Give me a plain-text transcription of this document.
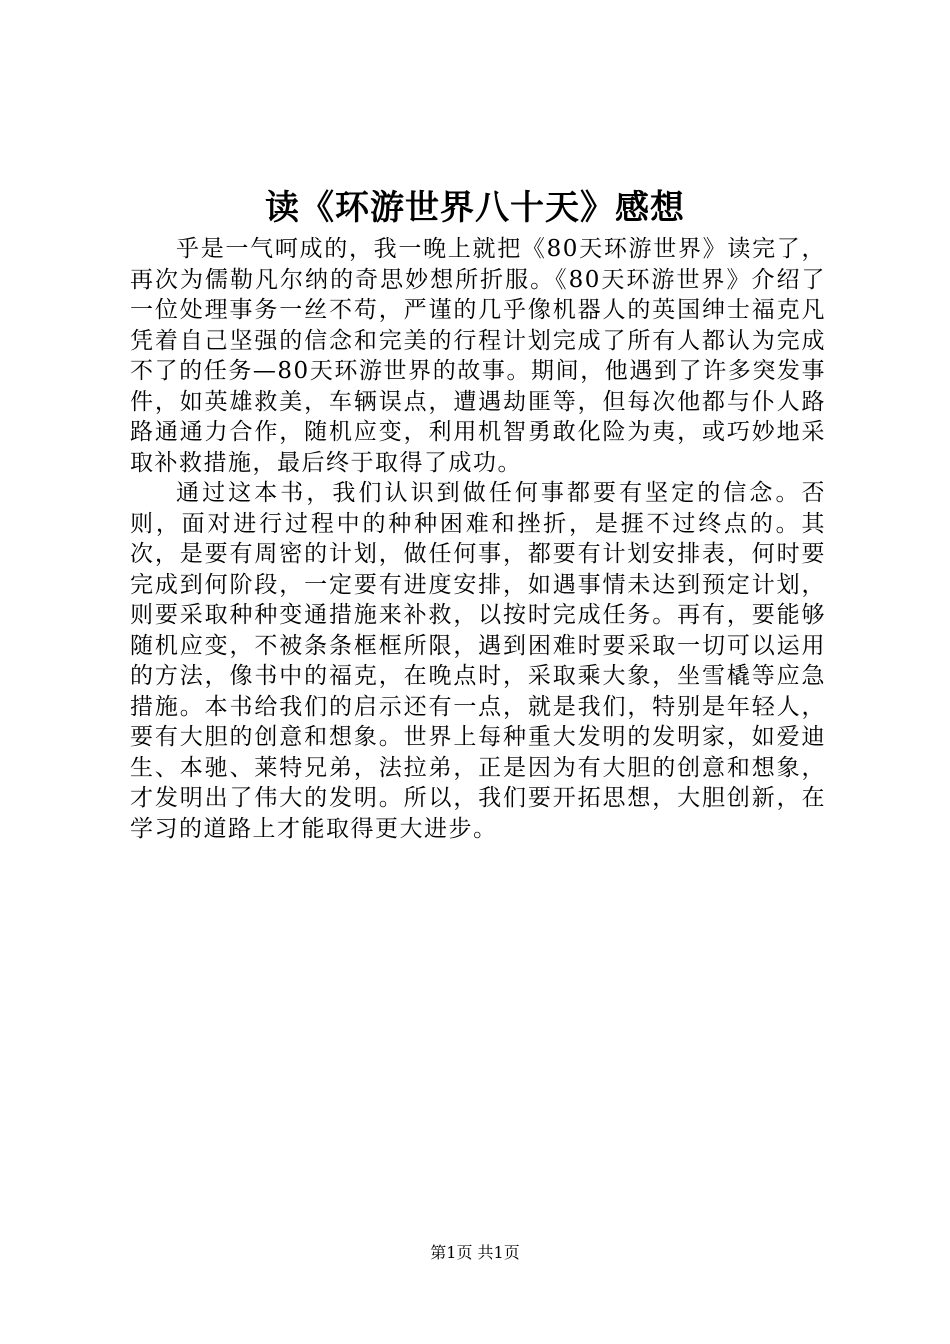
读《环游世界八十天》感想

乎是一气呵成的，我一晚上就把《80天环游世界》读完了，再次为儒勒凡尔纳的奇思妙想所折服。《80天环游世界》介绍了一位处理事务一丝不苟，严谨的几乎像机器人的英国绅士福克凡凭着自己坚强的信念和完美的行程计划完成了所有人都认为完成不了的任务—80天环游世界的故事。期间，他遇到了许多突发事件，如英雄救美，车辆误点，遭遇劫匪等，但每次他都与仆人路路通通力合作，随机应变，利用机智勇敢化险为夷，或巧妙地采取补救措施，最后终于取得了成功。

通过这本书，我们认识到做任何事都要有坚定的信念。否则，面对进行过程中的种种困难和挫折，是捱不过终点的。其次，是要有周密的计划，做任何事，都要有计划安排表，何时要完成到何阶段，一定要有进度安排，如遇事情未达到预定计划，则要采取种种变通措施来补救，以按时完成任务。再有，要能够随机应变，不被条条框框所限，遇到困难时要采取一切可以运用的方法，像书中的福克，在晚点时，采取乘大象，坐雪橇等应急措施。本书给我们的启示还有一点，就是我们，特别是年轻人，要有大胆的创意和想象。世界上每种重大发明的发明家，如爱迪生、本驰、莱特兄弟，法拉弟，正是因为有大胆的创意和想象，才发明出了伟大的发明。所以，我们要开拓思想，大胆创新，在学习的道路上才能取得更大进步。

第1页 共1页
